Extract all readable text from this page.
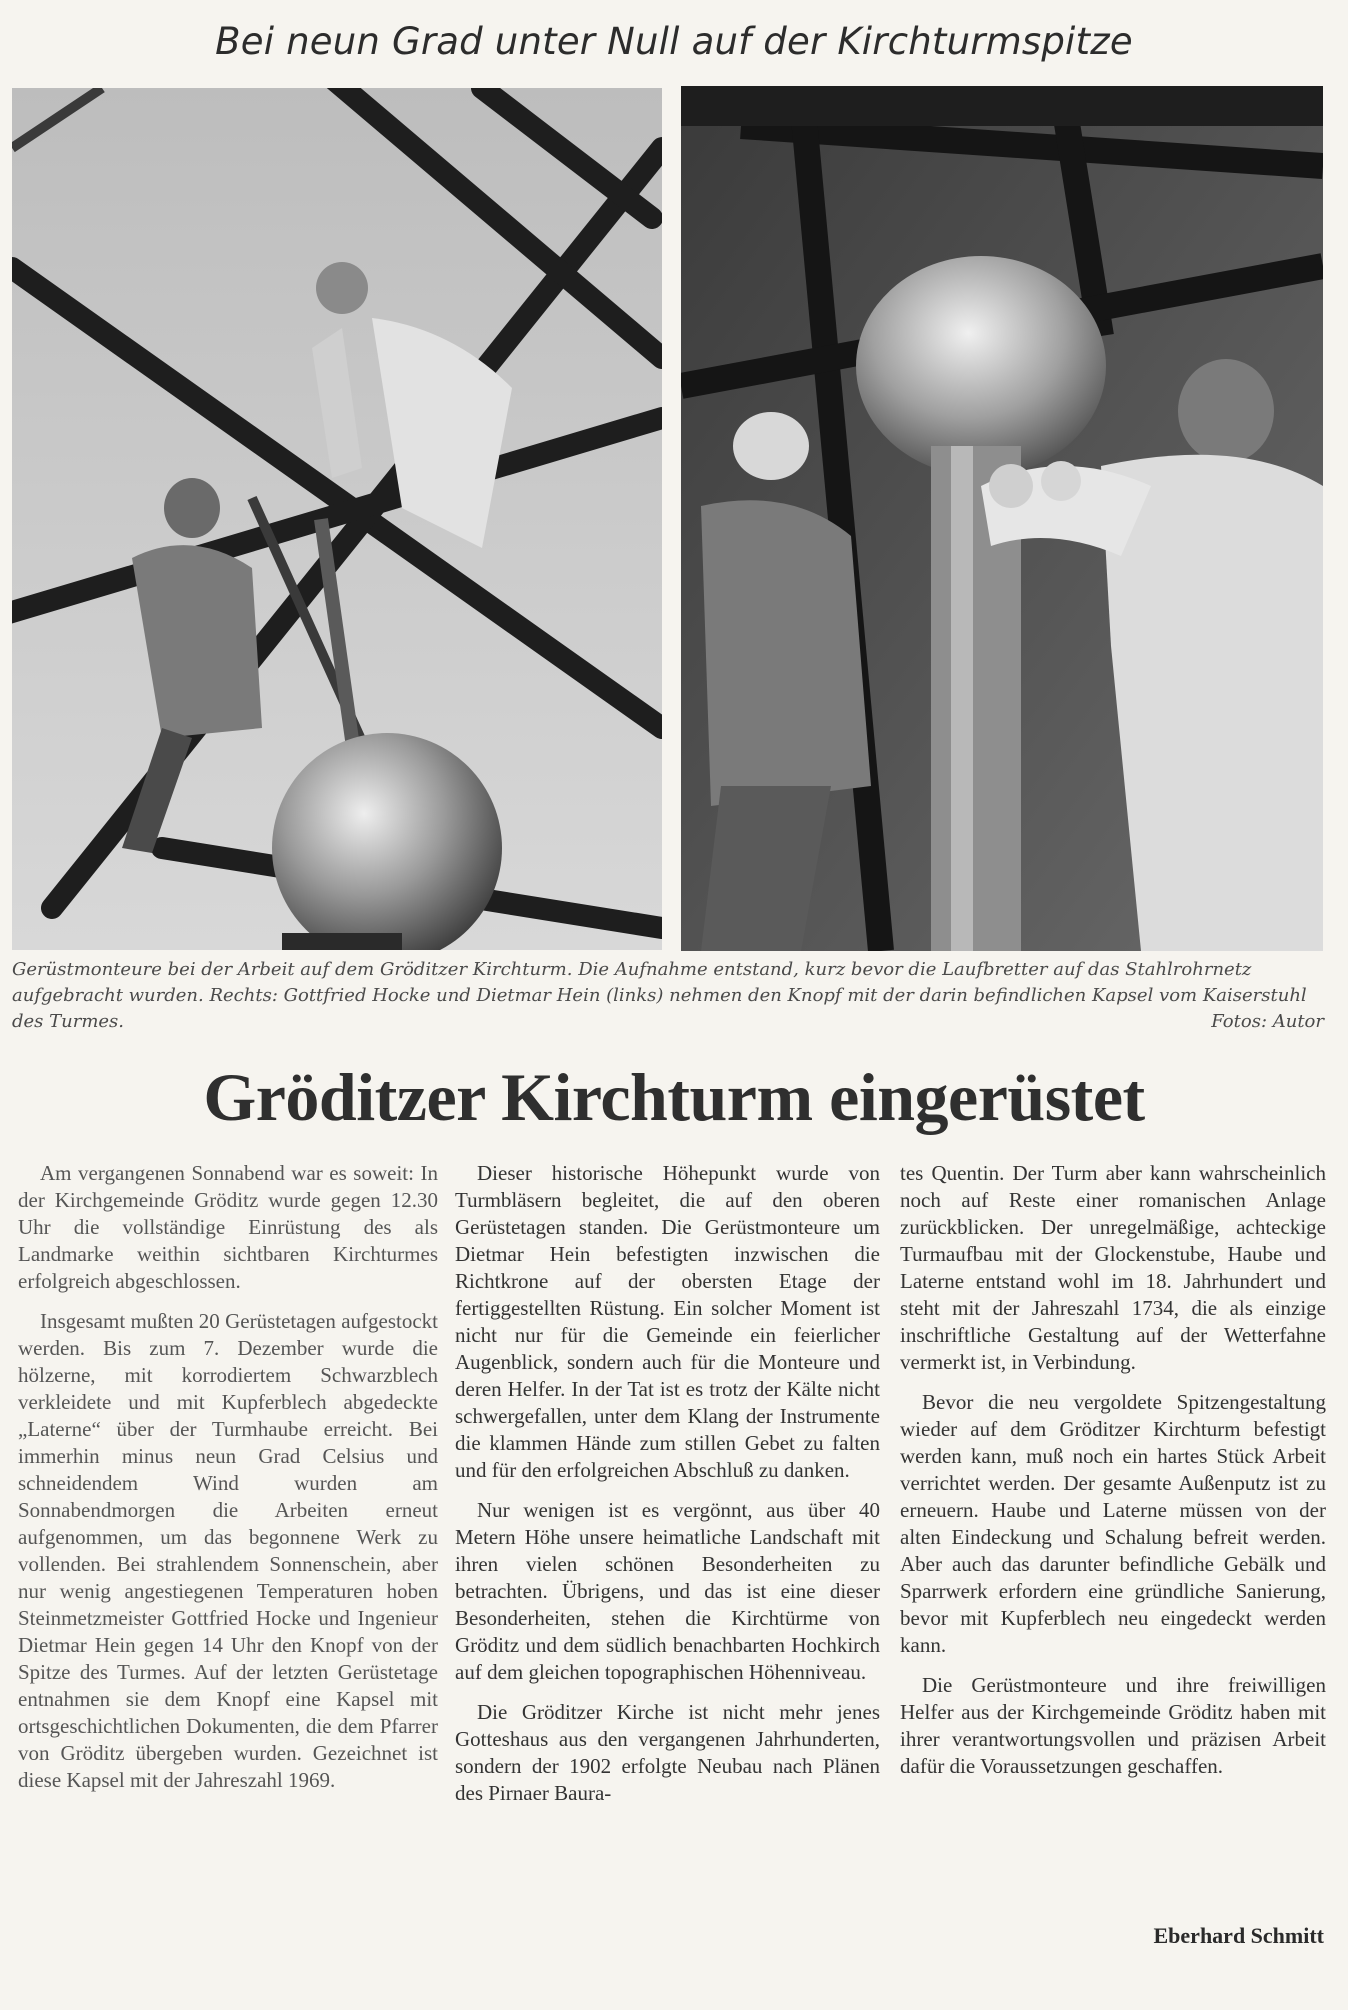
Bei neun Grad unter Null auf der Kirchturmspitze
Gerüstmonteure bei der Arbeit auf dem Gröditzer Kirchturm. Die Aufnahme entstand, kurz bevor die Laufbretter auf das Stahlrohrnetz aufgebracht wurden. Rechts: Gottfried Hocke und Dietmar Hein (links) nehmen den Knopf mit der darin befindlichen Kapsel vom Kaiserstuhl des Turmes.	Fotos: Autor
Gröditzer Kirchturm eingerüstet

Am vergangenen Sonnabend war es soweit: In der Kirchgemeinde Gröditz wurde gegen 12.30 Uhr die vollständige Einrüstung des als Landmarke weithin sichtbaren Kirchturmes erfolgreich abgeschlossen.

Insgesamt mußten 20 Gerüstetagen aufgestockt werden. Bis zum 7. Dezember wurde die hölzerne, mit korrodiertem Schwarzblech verkleidete und mit Kupferblech abgedeckte „Laterne“ über der Turmhaube erreicht. Bei immerhin minus neun Grad Celsius und schneidendem Wind wurden am Sonnabendmorgen die Arbeiten erneut aufgenommen, um das begonnene Werk zu vollenden. Bei strahlendem Sonnenschein, aber nur wenig angestiegenen Temperaturen hoben Steinmetzmeister Gottfried Hocke und Ingenieur Dietmar Hein gegen 14 Uhr den Knopf von der Spitze des Turmes. Auf der letzten Gerüstetage entnahmen sie dem Knopf eine Kapsel mit ortsgeschichtlichen Dokumenten, die dem Pfarrer von Gröditz übergeben wurden. Gezeichnet ist diese Kapsel mit der Jahreszahl 1969.

Dieser historische Höhepunkt wurde von Turmbläsern begleitet, die auf den oberen Gerüstetagen standen. Die Gerüstmonteure um Dietmar Hein befestigten inzwischen die Richtkrone auf der obersten Etage der fertiggestellten Rüstung. Ein solcher Moment ist nicht nur für die Gemeinde ein feierlicher Augenblick, sondern auch für die Monteure und deren Helfer. In der Tat ist es trotz der Kälte nicht schwergefallen, unter dem Klang der Instrumente die klammen Hände zum stillen Gebet zu falten und für den erfolgreichen Abschluß zu danken.

Nur wenigen ist es vergönnt, aus über 40 Metern Höhe unsere heimatliche Landschaft mit ihren vielen schönen Besonderheiten zu betrachten. Übrigens, und das ist eine dieser Besonderheiten, stehen die Kirchtürme von Gröditz und dem südlich benachbarten Hochkirch auf dem gleichen topographischen Höhenniveau.

Die Gröditzer Kirche ist nicht mehr jenes Gotteshaus aus den vergangenen Jahrhunderten, sondern der 1902 erfolgte Neubau nach Plänen des Pirnaer Baura-

tes Quentin. Der Turm aber kann wahrscheinlich noch auf Reste einer romanischen Anlage zurückblicken. Der unregelmäßige, achteckige Turmaufbau mit der Glockenstube, Haube und Laterne entstand wohl im 18. Jahrhundert und steht mit der Jahreszahl 1734, die als einzige inschriftliche Gestaltung auf der Wetterfahne vermerkt ist, in Verbindung.

Bevor die neu vergoldete Spitzengestaltung wieder auf dem Gröditzer Kirchturm befestigt werden kann, muß noch ein hartes Stück Arbeit verrichtet werden. Der gesamte Außenputz ist zu erneuern. Haube und Laterne müssen von der alten Eindeckung und Schalung befreit werden. Aber auch das darunter befindliche Gebälk und Sparrwerk erfordern eine gründliche Sanierung, bevor mit Kupferblech neu eingedeckt werden kann.

Die Gerüstmonteure und ihre freiwilligen Helfer aus der Kirchgemeinde Gröditz haben mit ihrer verantwortungsvollen und präzisen Arbeit dafür die Voraussetzungen geschaffen.

Eberhard Schmitt
